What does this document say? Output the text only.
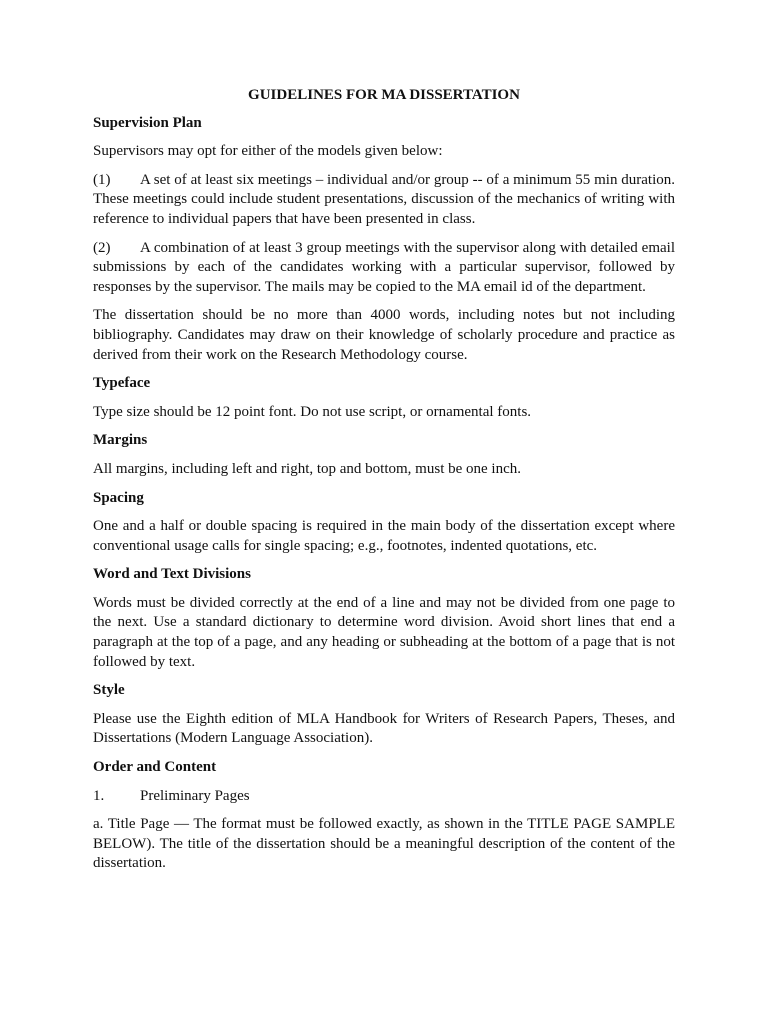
GUIDELINES FOR MA DISSERTATION
Supervision Plan
Supervisors may opt for either of the models given below:
(1) A set of at least six meetings – individual and/or group -- of a minimum 55 min duration. These meetings could include student presentations, discussion of the mechanics of writing with reference to individual papers that have been presented in class.
(2) A combination of at least 3 group meetings with the supervisor along with detailed email submissions by each of the candidates working with a particular supervisor, followed by responses by the supervisor. The mails may be copied to the MA email id of the department.
The dissertation should be no more than 4000 words, including notes but not including bibliography. Candidates may draw on their knowledge of scholarly procedure and practice as derived from their work on the Research Methodology course.
Typeface
Type size should be 12 point font. Do not use script, or ornamental fonts.
Margins
All margins, including left and right, top and bottom, must be one inch.
Spacing
One and a half or double spacing is required in the main body of the dissertation except where conventional usage calls for single spacing; e.g., footnotes, indented quotations, etc.
Word and Text Divisions
Words must be divided correctly at the end of a line and may not be divided from one page to the next. Use a standard dictionary to determine word division. Avoid short lines that end a paragraph at the top of a page, and any heading or subheading at the bottom of a page that is not followed by text.
Style
Please use the Eighth edition of MLA Handbook for Writers of Research Papers, Theses, and Dissertations (Modern Language Association).
Order and Content
1. Preliminary Pages
a. Title Page — The format must be followed exactly, as shown in the TITLE PAGE SAMPLE BELOW). The title of the dissertation should be a meaningful description of the content of the dissertation.
